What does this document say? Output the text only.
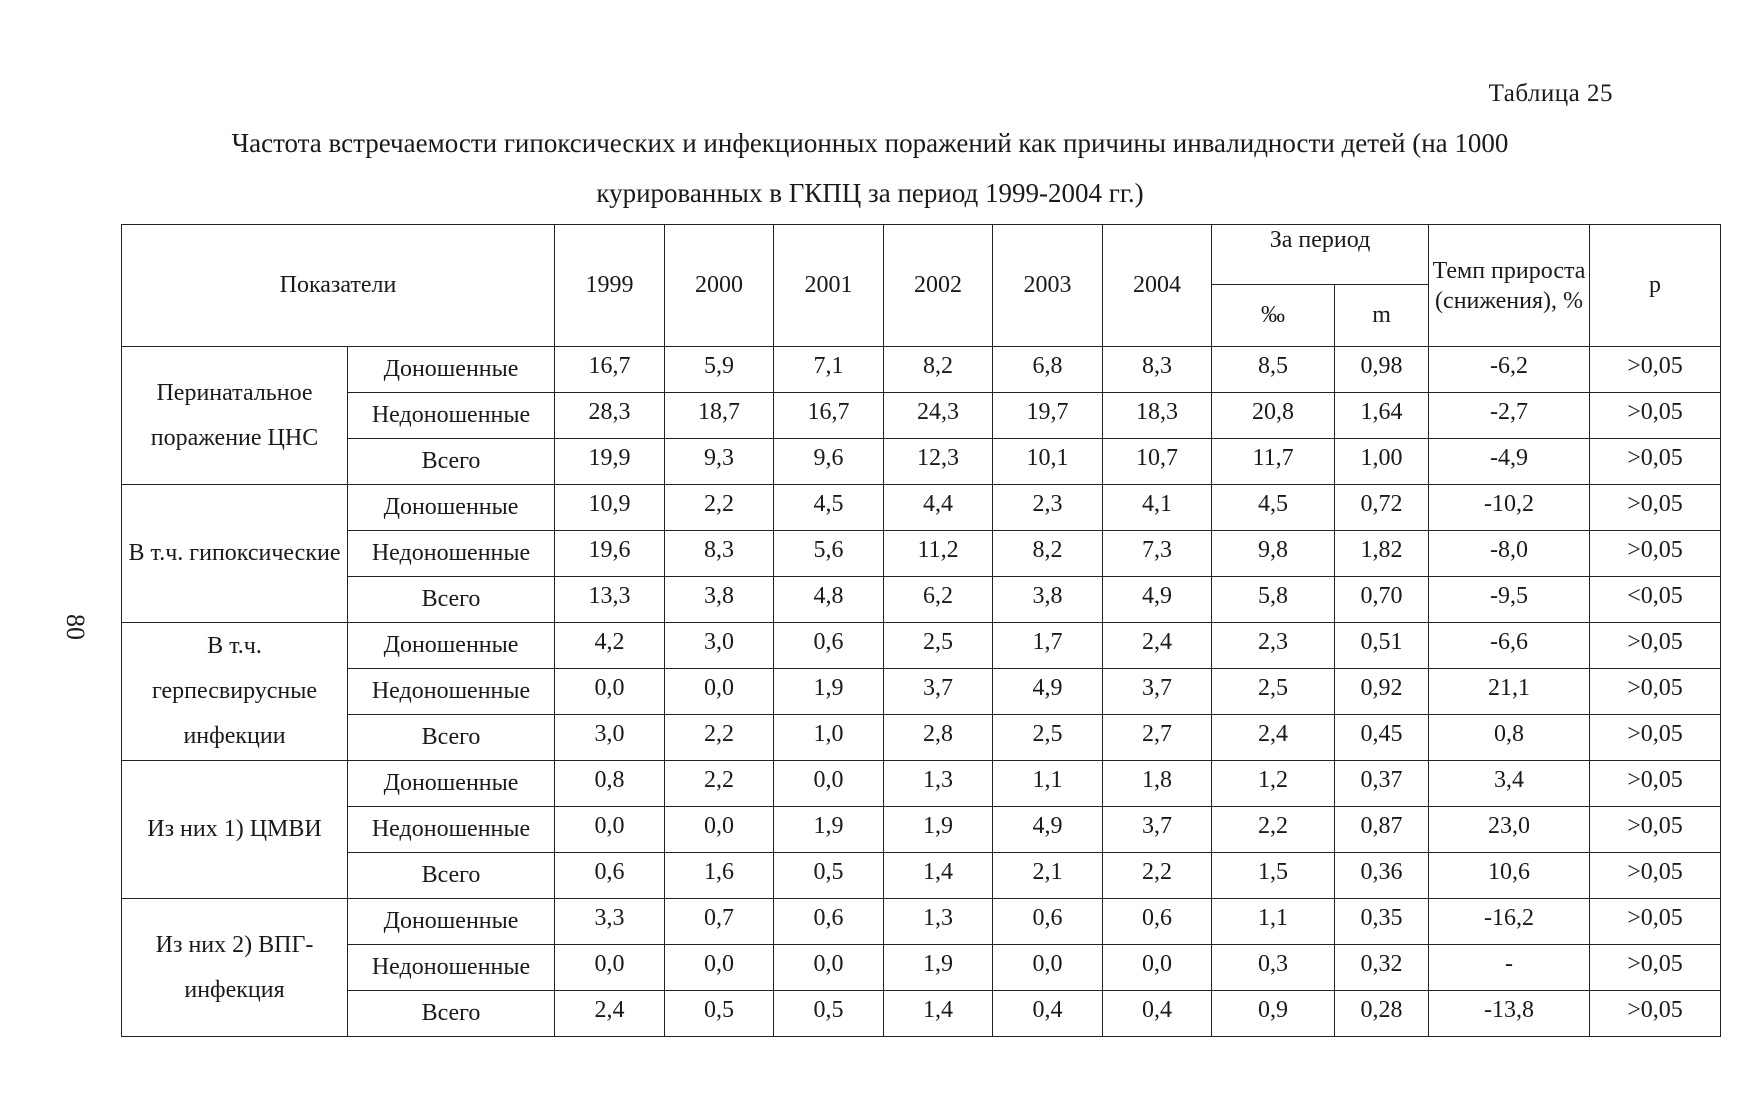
80
Таблица 25
Частота встречаемости гипоксических и инфекционных поражений как причины инвалидности детей (на 1000 курированных в ГКПЦ за период 1999-2004 гг.)
Показатели		1999	2000	2001	2002	2003	2004	За период		Темп прироста (снижения), %	р
								‰	m		
Перинатальное поражение ЦНС	Доношенные	16,7	5,9	7,1	8,2	6,8	8,3	8,5	0,98	-6,2	>0,05
	Недоношенные	28,3	18,7	16,7	24,3	19,7	18,3	20,8	1,64	-2,7	>0,05
	Всего	19,9	9,3	9,6	12,3	10,1	10,7	11,7	1,00	-4,9	>0,05
В т.ч. гипоксические	Доношенные	10,9	2,2	4,5	4,4	2,3	4,1	4,5	0,72	-10,2	>0,05
	Недоношенные	19,6	8,3	5,6	11,2	8,2	7,3	9,8	1,82	-8,0	>0,05
	Всего	13,3	3,8	4,8	6,2	3,8	4,9	5,8	0,70	-9,5	<0,05
В т.ч. герпесвирусные инфекции	Доношенные	4,2	3,0	0,6	2,5	1,7	2,4	2,3	0,51	-6,6	>0,05
	Недоношенные	0,0	0,0	1,9	3,7	4,9	3,7	2,5	0,92	21,1	>0,05
	Всего	3,0	2,2	1,0	2,8	2,5	2,7	2,4	0,45	0,8	>0,05
Из них 1) ЦМВИ	Доношенные	0,8	2,2	0,0	1,3	1,1	1,8	1,2	0,37	3,4	>0,05
	Недоношенные	0,0	0,0	1,9	1,9	4,9	3,7	2,2	0,87	23,0	>0,05
	Всего	0,6	1,6	0,5	1,4	2,1	2,2	1,5	0,36	10,6	>0,05
Из них 2) ВПГ-инфекция	Доношенные	3,3	0,7	0,6	1,3	0,6	0,6	1,1	0,35	-16,2	>0,05
	Недоношенные	0,0	0,0	0,0	1,9	0,0	0,0	0,3	0,32	-	>0,05
	Всего	2,4	0,5	0,5	1,4	0,4	0,4	0,9	0,28	-13,8	>0,05
